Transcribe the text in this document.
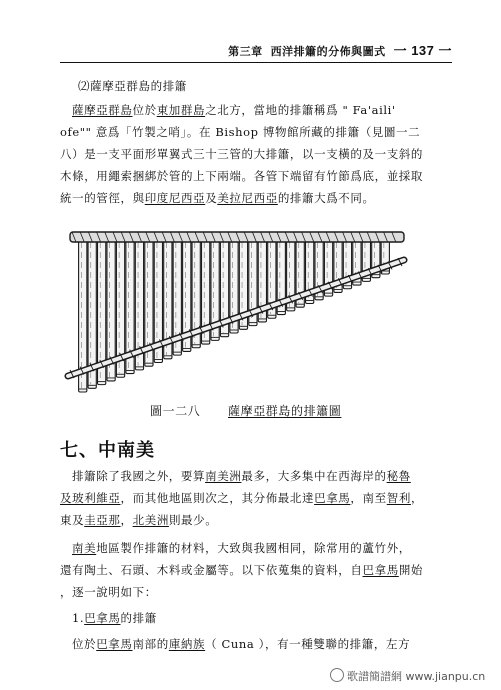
第三章 西洋排簫的分佈與圖式 一 137 一
⑵薩摩亞群島的排簫
薩摩亞群島位於東加群島之北方，當地的排簫稱爲 " Fa'aili'
ofe"" 意爲「竹製之哨」。在 Bishop 博物館所藏的排簫（見圖一二
八）是一支平面形單翼式三十三管的大排簫，以一支橫的及一支斜的
木條，用繩索捆綁於管的上下兩端。各管下端留有竹節爲底，並採取
統一的管徑，與印度尼西亞及美拉尼西亞的排簫大爲不同。
圖一二八 薩摩亞群島的排簫圖
七、中南美
排簫除了我國之外，要算南美洲最多，大多集中在西海岸的秘魯
及玻利維亞，而其他地區則次之，其分佈最北達巴拿馬，南至智利，
東及圭亞那，北美洲則最少。
南美地區製作排簫的材料，大致與我國相同，除常用的蘆竹外，
還有陶土、石頭、木料或金屬等。以下依蒐集的資料，自巴拿馬開始
，逐一說明如下：
1.巴拿馬的排簫
位於巴拿馬南部的庫納族（ Cuna ），有一種雙聯的排簫，左方
歌譜簡譜網 www.jianpu.cn
